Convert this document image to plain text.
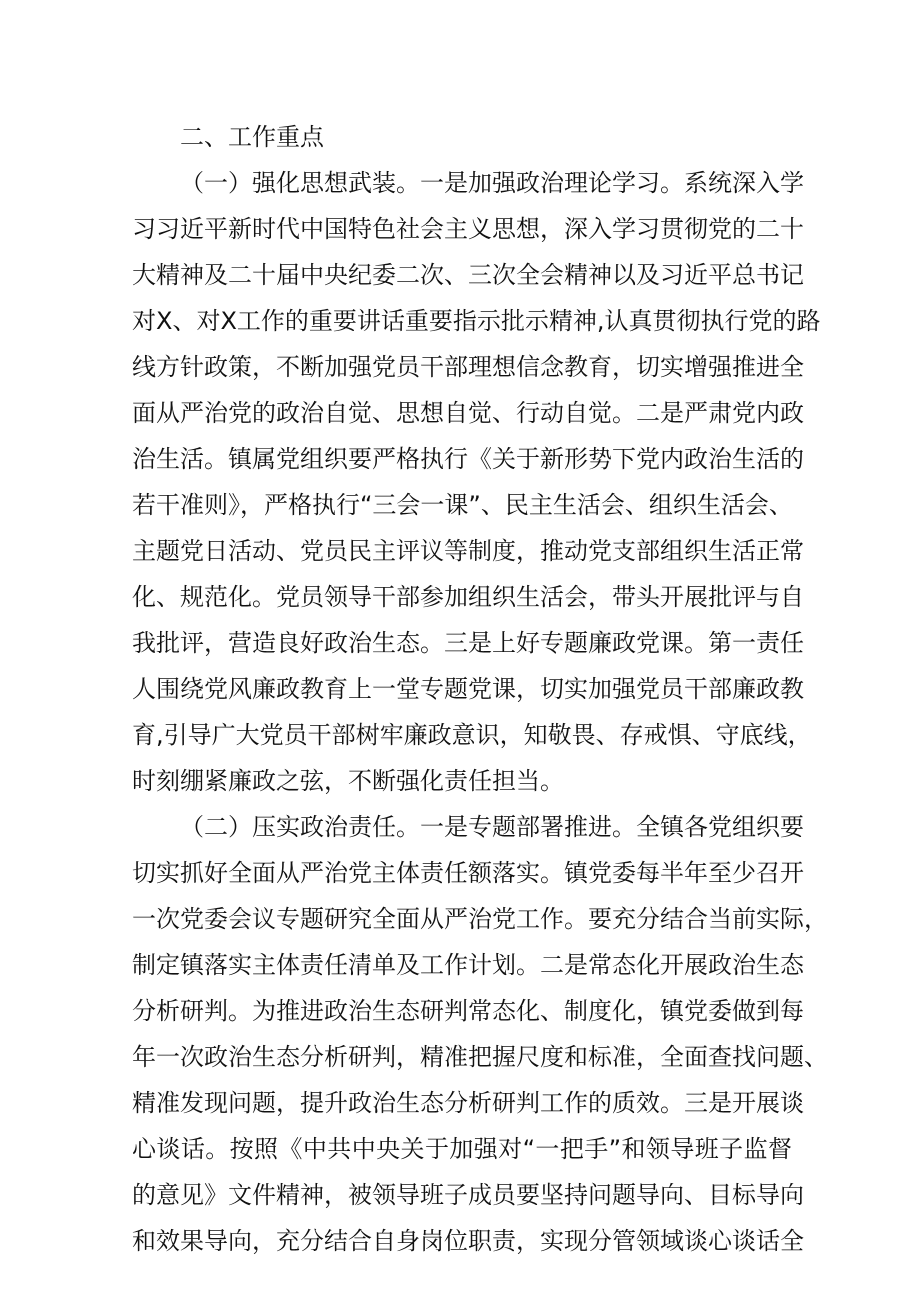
二、工作重点
（一）强化思想武装。一是加强政治理论学习。系统深入学
习习近平新时代中国特色社会主义思想，深入学习贯彻党的二十
大精神及二十届中央纪委二次、三次全会精神以及习近平总书记
对X、对X工作的重要讲话重要指示批示精神,认真贯彻执行党的路
线方针政策，不断加强党员干部理想信念教育，切实增强推进全
面从严治党的政治自觉、思想自觉、行动自觉。二是严肃党内政
治生活。镇属党组织要严格执行《关于新形势下党内政治生活的
若干准则》，严格执行“三会一课”、民主生活会、组织生活会、
主题党日活动、党员民主评议等制度，推动党支部组织生活正常
化、规范化。党员领导干部参加组织生活会，带头开展批评与自
我批评，营造良好政治生态。三是上好专题廉政党课。第一责任
人围绕党风廉政教育上一堂专题党课，切实加强党员干部廉政教
育,引导广大党员干部树牢廉政意识，知敬畏、存戒惧、守底线，
时刻绷紧廉政之弦，不断强化责任担当。
（二）压实政治责任。一是专题部署推进。全镇各党组织要
切实抓好全面从严治党主体责任额落实。镇党委每半年至少召开
一次党委会议专题研究全面从严治党工作。要充分结合当前实际，
制定镇落实主体责任清单及工作计划。二是常态化开展政治生态
分析研判。为推进政治生态研判常态化、制度化，镇党委做到每
年一次政治生态分析研判，精准把握尺度和标准，全面查找问题、
精准发现问题，提升政治生态分析研判工作的质效。三是开展谈
心谈话。按照《中共中央关于加强对“一把手”和领导班子监督
的意见》文件精神，被领导班子成员要坚持问题导向、目标导向
和效果导向，充分结合自身岗位职责，实现分管领域谈心谈话全
